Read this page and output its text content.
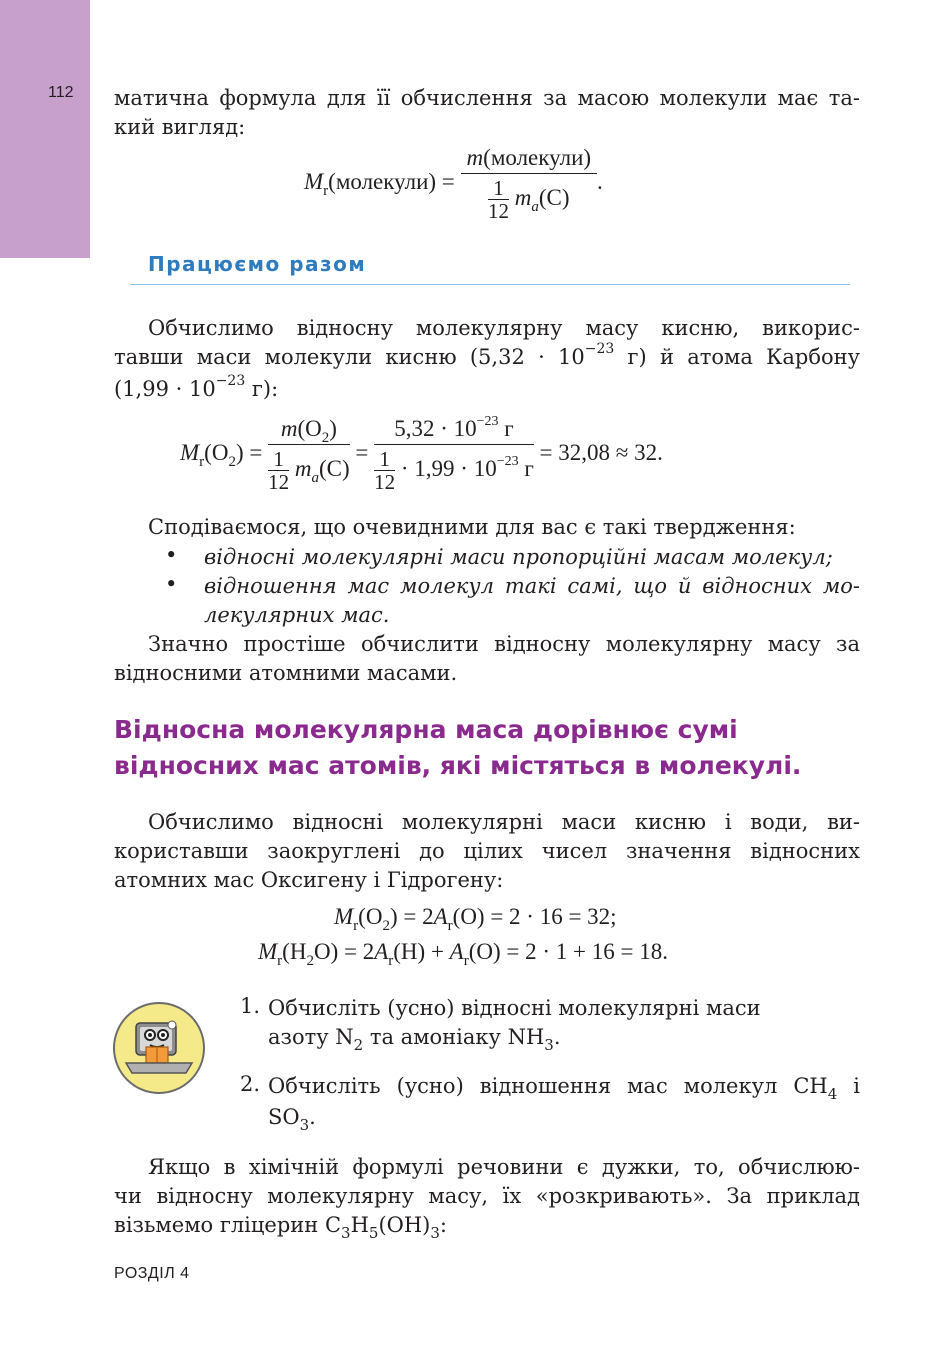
112 матична формула для її обчислення за масою молекули має та-
кий вигляд:
$M_r(молекули) = \frac{\text{m(молекули)}}{\frac{1}{12} m_a(C)}$ .
Працюємо разом
Обчислимо відносну молекулярну масу кисню, викорис-
тавши маси молекули кисню ($5,32 \cdot 10^{-23}$ г) й атома Карбону
($1,99 \cdot 10^{-23}$ г):
$M_r(O_2) = \frac{m(O_2)}{\frac{1}{12} m_a(C)} = \frac{5,32 \cdot 10^{-23} г}{\frac{1}{12} \cdot 1,99 \cdot 10^{-23} г} = 32,08 \approx 32$.
Сподіваємося, що очевидними для вас є такі твердження:
• відносні молекулярні маси пропорційні масам молекул;
• відношення мас молекул такі самі, що й відносних мо-
лекулярних мас.
Значно простіше обчислити відносну молекулярну масу за
відносними атомними масами.
Відносна молекулярна маса дорівнює сумі
відносних мас атомів, які містяться в молекулі.
Обчислимо відносні молекулярні маси кисню і води, ви-
користавши заокруглені до цілих чисел значення відносних
атомних мас Оксигену і Гідрогену:
$M_r(O_2) = 2A_r(O) = 2 \cdot 16 = 32$;
$M_r(H_2O) = 2A_r(H) + A_r(O) = 2 \cdot 1 + 16 = 18$.
1. Обчисліть (усно) відносні молекулярні маси
азоту $N_2$ та амоніаку $NH_3$.
2. Обчисліть (усно) відношення мас молекул $CH_4$ і
$SO_3$.
Якщо в хімічній формулі речовини є дужки, то, обчислюю-
чи відносну молекулярну масу, їх «розкривають». За приклад
візьмемо гліцерин $C_3H_5(OH)_3$:
РОЗДІЛ 4
